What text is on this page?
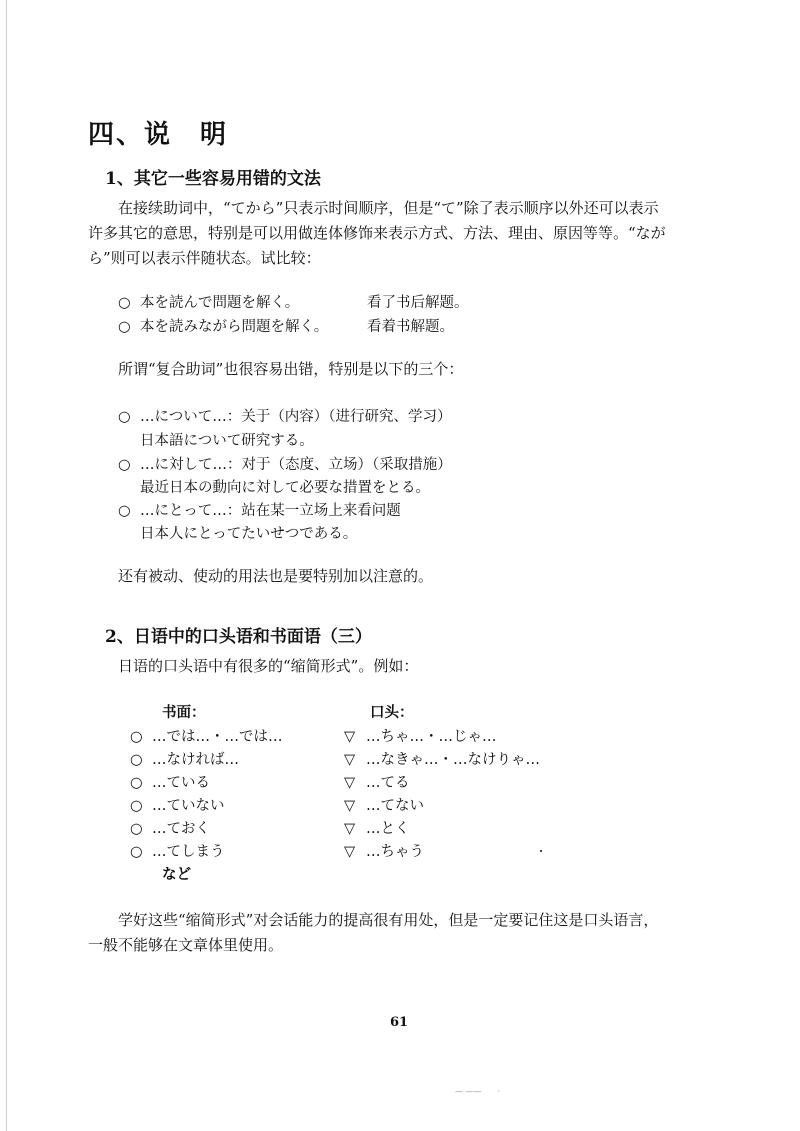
四、说　明
1、其它一些容易用错的文法
在接续助词中，“てから”只表示时间顺序，但是“て”除了表示顺序以外还可以表示
许多其它的意思，特别是可以用做连体修饰来表示方式、方法、理由、原因等等。“なが
ら”则可以表示伴随状态。试比较：
○ 本を読んで問題を解く。	看了书后解题。
○ 本を読みながら問題を解く。	看着书解题。
所谓“复合助词”也很容易出错，特别是以下的三个：
○ …について…：关于（内容）（进行研究、学习）
日本語について研究する。
○ …に対して…：对于（态度、立场）（采取措施）
最近日本の動向に対して必要な措置をとる。
○ …にとって…：站在某一立场上来看问题
日本人にとってたいせつである。
还有被动、使动的用法也是要特别加以注意的。
2、日语中的口头语和书面语（三）
日语的口头语中有很多的“缩简形式”。例如：
书面：	口头：
○ …では…・…では…	▽ …ちゃ…・…じゃ…
○ …なければ…	▽ …なきゃ…・…なけりゃ…
○ …ている	▽ …てる
○ …ていない	▽ …てない
○ …ておく	▽ …とく
○ …てしまう	▽ …ちゃう
など
学好这些“缩简形式”对会话能力的提高很有用处，但是一定要记住这是口头语言，
一般不能够在文章体里使用。
61
— ——　　·
